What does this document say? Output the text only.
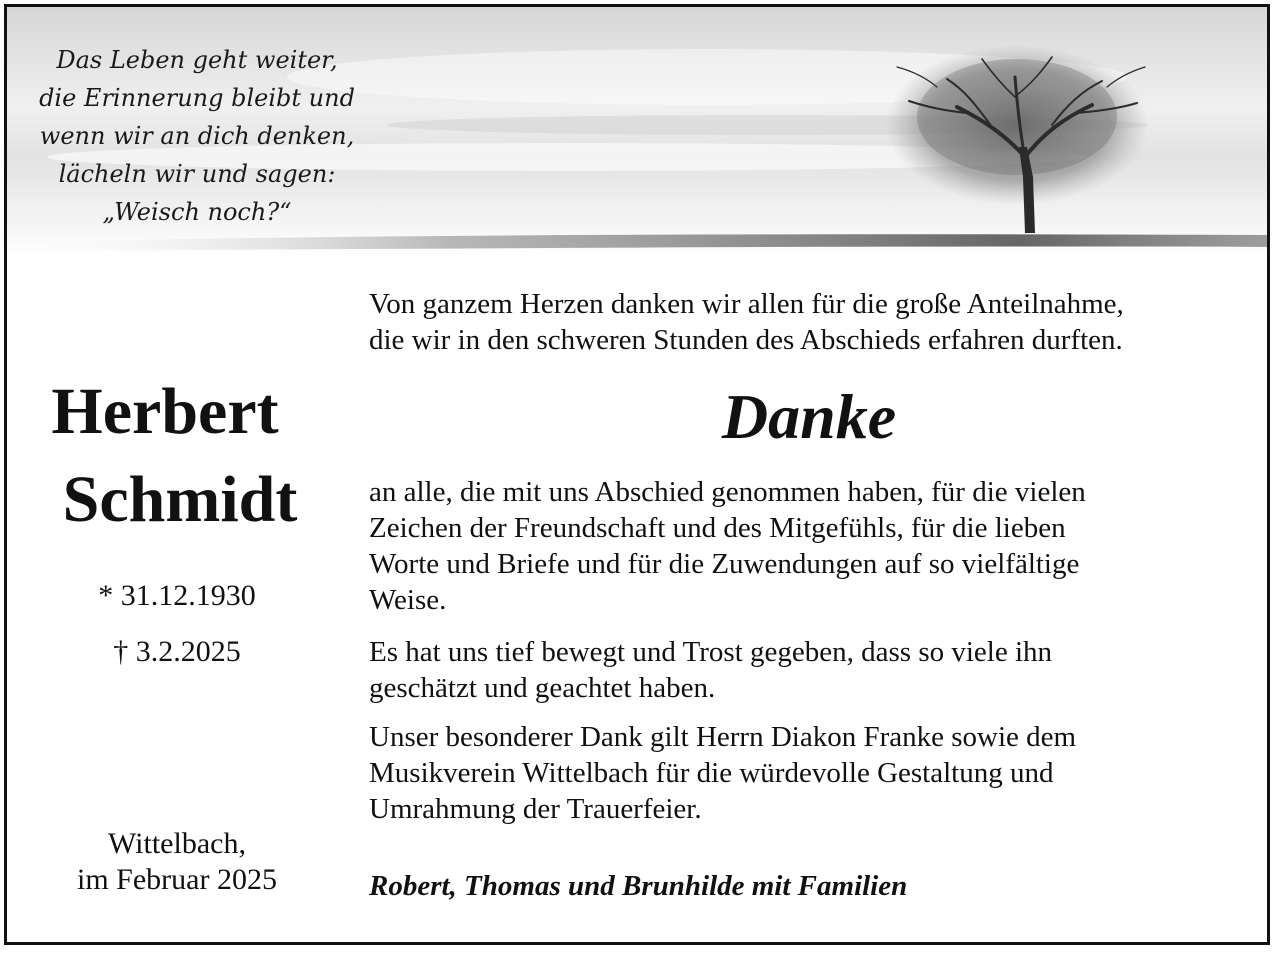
Das Leben geht weiter,
die Erinnerung bleibt und
wenn wir an dich denken,
lächeln wir und sagen:
„Weisch noch?“
Herbert
Schmidt
* 31.12.1930
† 3.2.2025
Wittelbach,
im Februar 2025
Von ganzem Herzen danken wir allen für die große Anteilnahme,
die wir in den schweren Stunden des Abschieds erfahren durften.
Danke
an alle, die mit uns Abschied genommen haben, für die vielen
Zeichen der Freundschaft und des Mitgefühls, für die lieben
Worte und Briefe und für die Zuwendungen auf so vielfältige
Weise.
Es hat uns tief bewegt und Trost gegeben, dass so viele ihn
geschätzt und geachtet haben.
Unser besonderer Dank gilt Herrn Diakon Franke sowie dem
Musikverein Wittelbach für die würdevolle Gestaltung und
Umrahmung der Trauerfeier.
Robert, Thomas und Brunhilde mit Familien
